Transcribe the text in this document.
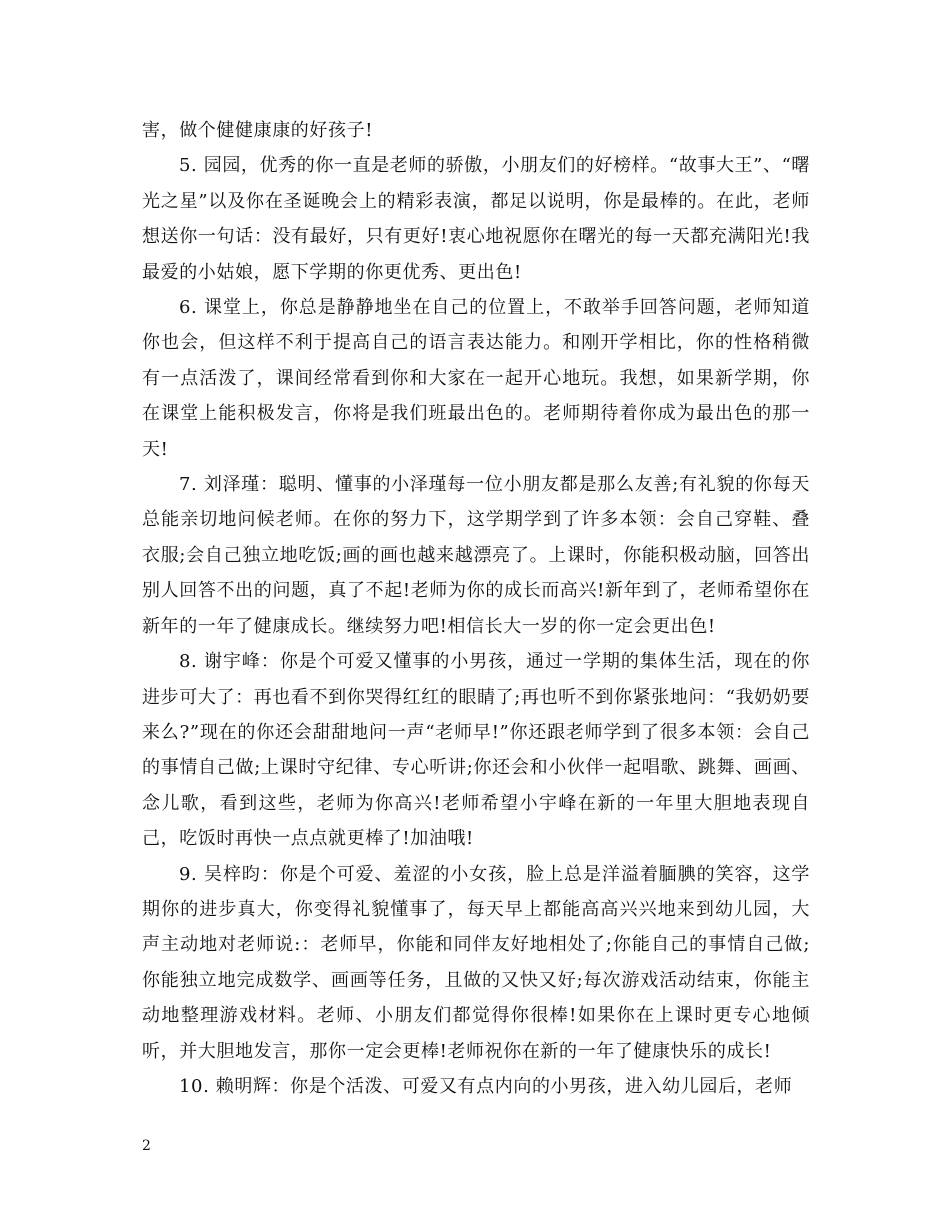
害，做个健健康康的好孩子!

5. 园园，优秀的你一直是老师的骄傲，小朋友们的好榜样。“故事大王”、“曙光之星”以及你在圣诞晚会上的精彩表演，都足以说明，你是最棒的。在此，老师想送你一句话：没有最好，只有更好!衷心地祝愿你在曙光的每一天都充满阳光!我最爱的小姑娘，愿下学期的你更优秀、更出色!

6. 课堂上，你总是静静地坐在自己的位置上，不敢举手回答问题，老师知道你也会，但这样不利于提高自己的语言表达能力。和刚开学相比，你的性格稍微有一点活泼了，课间经常看到你和大家在一起开心地玩。我想，如果新学期，你在课堂上能积极发言，你将是我们班最出色的。老师期待着你成为最出色的那一天!

7. 刘泽瑾：聪明、懂事的小泽瑾每一位小朋友都是那么友善;有礼貌的你每天总能亲切地问候老师。在你的努力下，这学期学到了许多本领：会自己穿鞋、叠衣服;会自己独立地吃饭;画的画也越来越漂亮了。上课时，你能积极动脑，回答出别人回答不出的问题，真了不起!老师为你的成长而高兴!新年到了，老师希望你在新年的一年了健康成长。继续努力吧!相信长大一岁的你一定会更出色!

8. 谢宇峰：你是个可爱又懂事的小男孩，通过一学期的集体生活，现在的你进步可大了：再也看不到你哭得红红的眼睛了;再也听不到你紧张地问：“我奶奶要来么?”现在的你还会甜甜地问一声“老师早!”你还跟老师学到了很多本领：会自己的事情自己做;上课时守纪律、专心听讲;你还会和小伙伴一起唱歌、跳舞、画画、念儿歌，看到这些，老师为你高兴!老师希望小宇峰在新的一年里大胆地表现自己，吃饭时再快一点点就更棒了!加油哦!

9. 吴梓昀：你是个可爱、羞涩的小女孩，脸上总是洋溢着腼腆的笑容，这学期你的进步真大，你变得礼貌懂事了，每天早上都能高高兴兴地来到幼儿园，大声主动地对老师说:：老师早，你能和同伴友好地相处了;你能自己的事情自己做;你能独立地完成数学、画画等任务，且做的又快又好;每次游戏活动结束，你能主动地整理游戏材料。老师、小朋友们都觉得你很棒!如果你在上课时更专心地倾听，并大胆地发言，那你一定会更棒!老师祝你在新的一年了健康快乐的成长!

10. 赖明辉：你是个活泼、可爱又有点内向的小男孩，进入幼儿园后，老师

2
